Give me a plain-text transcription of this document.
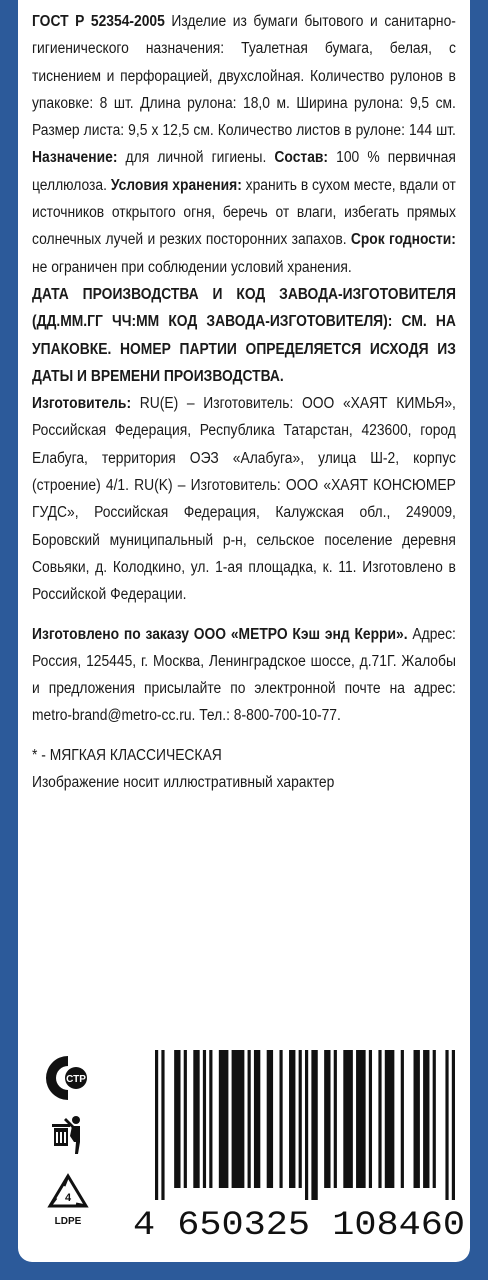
ГОСТ Р 52354-2005 Изделие из бумаги бытового и санитарно-гигиенического назначения: Туалетная бумага, белая, с тиснением и перфорацией, двухслойная. Количество рулонов в упаковке: 8 шт. Длина рулона: 18,0 м. Ширина рулона: 9,5 см. Размер листа: 9,5 х 12,5 см. Количество листов в рулоне: 144 шт. Назначение: для личной гигиены. Состав: 100 % первичная целлюлоза. Условия хранения: хранить в сухом месте, вдали от источников открытого огня, беречь от влаги, избегать прямых солнечных лучей и резких посторонних запахов. Срок годности: не ограничен при соблюдении условий хранения.

ДАТА ПРОИЗВОДСТВА И КОД ЗАВОДА-ИЗГОТОВИТЕЛЯ (ДД.ММ.ГГ ЧЧ:ММ КОД ЗАВОДА-ИЗГОТОВИТЕЛЯ): СМ. НА УПАКОВКЕ. НОМЕР ПАРТИИ ОПРЕДЕЛЯЕТСЯ ИСХОДЯ ИЗ ДАТЫ И ВРЕМЕНИ ПРОИЗВОДСТВА.

Изготовитель: RU(E) – Изготовитель: ООО «ХАЯТ КИМЬЯ», Российская Федерация, Республика Татарстан, 423600, город Елабуга, территория ОЭЗ «Алабуга», улица Ш-2, корпус (строение) 4/1. RU(K) – Изготовитель: ООО «ХАЯТ КОНСЮМЕР ГУДС», Российская Федерация, Калужская обл., 249009, Боровский муниципальный р-н, сельское поселение деревня Совьяки, д. Колодкино, ул. 1-ая площадка, к. 11. Изготовлено в Российской Федерации.

Изготовлено по заказу ООО «МЕТРО Кэш энд Керри». Адрес: Россия, 125445, г. Москва, Ленинградское шоссе, д.71Г. Жалобы и предложения присылайте по электронной почте на адрес: metro-brand@metro-cc.ru. Тел.: 8-800-700-10-77.

* - МЯГКАЯ КЛАССИЧЕСКАЯ

Изображение носит иллюстративный характер

СТР
4
LDPE 4 650325 108460
